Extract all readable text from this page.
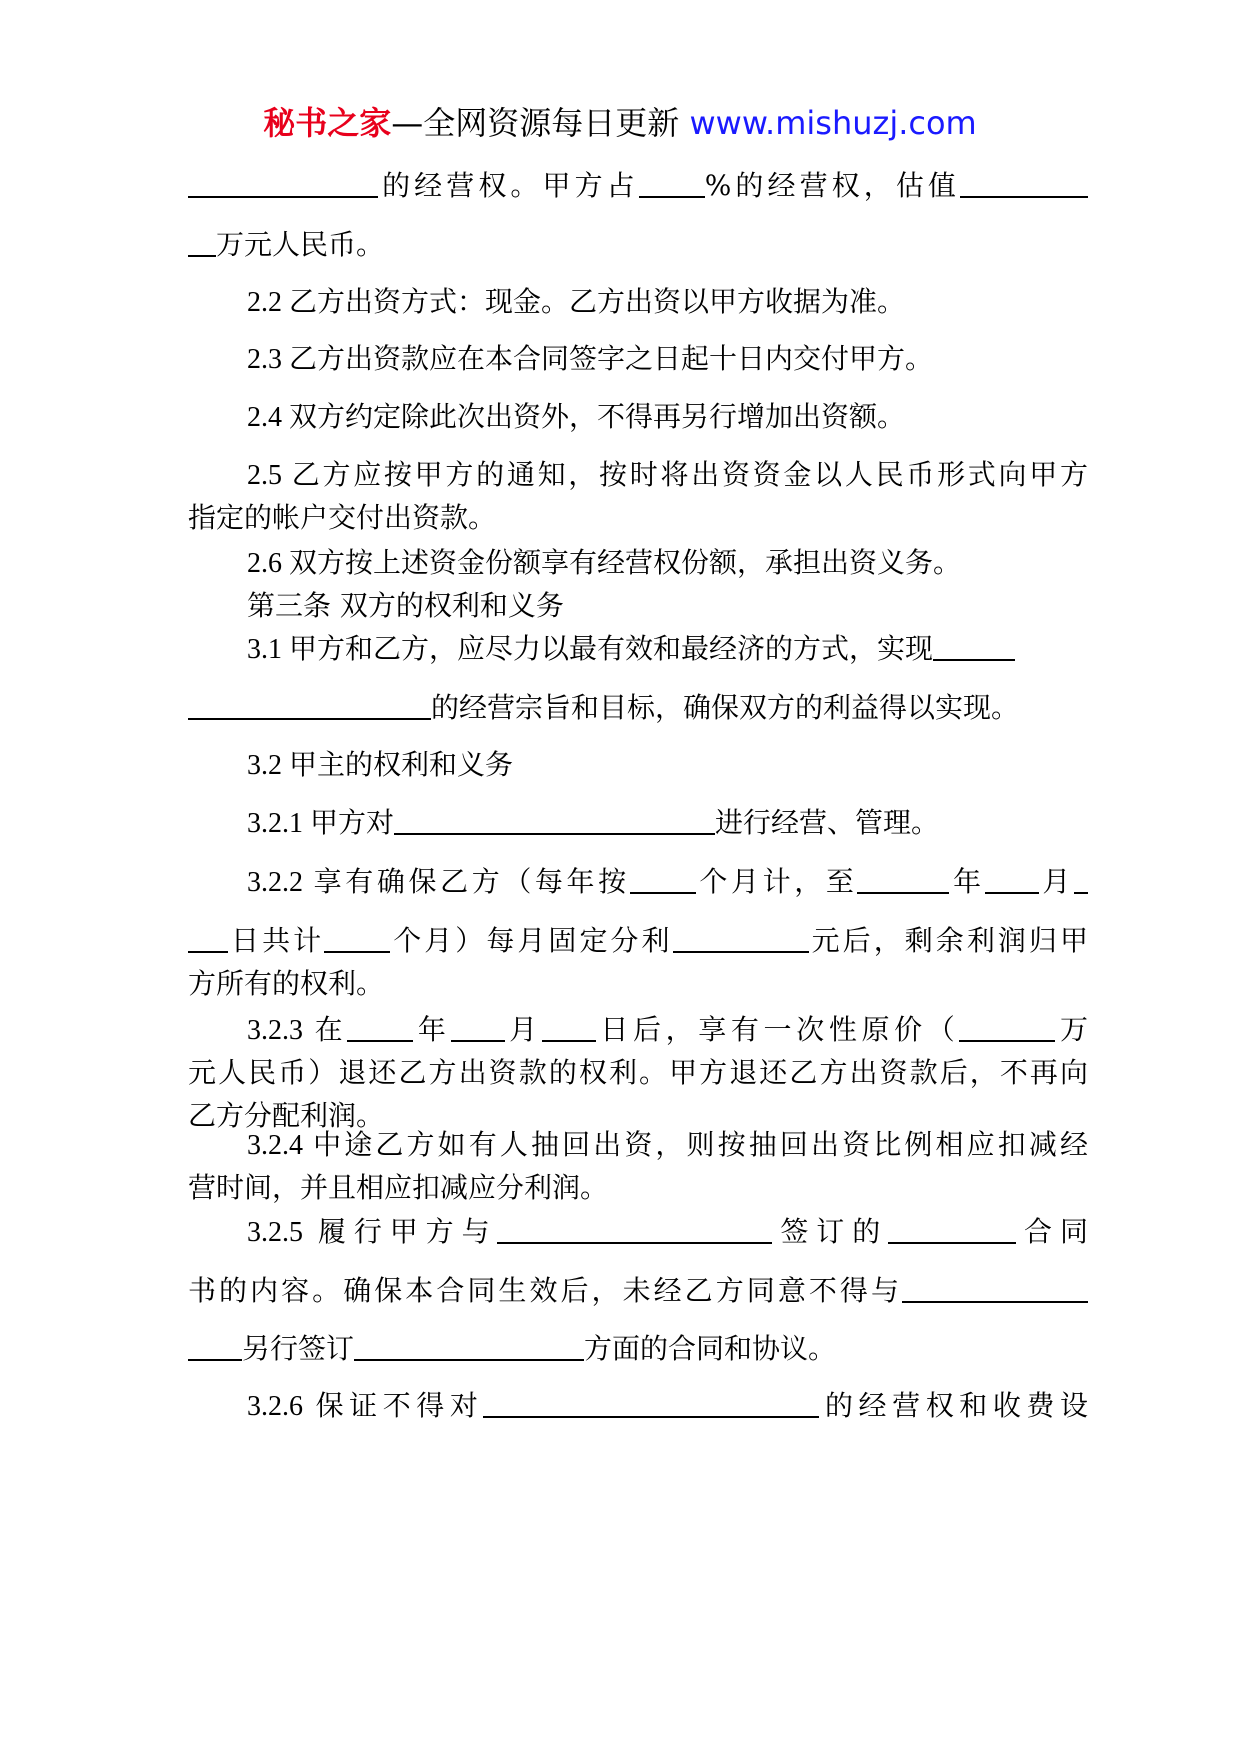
秘书之家—全网资源每日更新 www.mishuzj.com
的经营权。甲方占 %的经营权，估值
万元人民币。
2.2 乙方出资方式：现金。乙方出资以甲方收据为准。
2.3 乙方出资款应在本合同签字之日起十日内交付甲方。
2.4 双方约定除此次出资外，不得再另行增加出资额。
2.5 乙方应按甲方的通知，按时将出资资金以人民币形式向甲方
指定的帐户交付出资款。
2.6 双方按上述资金份额享有经营权份额，承担出资义务。
第三条 双方的权利和义务
3.1 甲方和乙方，应尽力以最有效和最经济的方式，实现
的经营宗旨和目标，确保双方的利益得以实现。
3.2 甲主的权利和义务
3.2.1 甲方对	进行经营、管理。
3.2.2 享有确保乙方（每年按 个月计，至	年 月
日共计 个月）每月固定分利	元后，剩余利润归甲
方所有的权利。
3.2.3 在 年 月 日后，享有一次性原价（	万
元人民币）退还乙方出资款的权利。甲方退还乙方出资款后，不再向
乙方分配利润。
3.2.4 中途乙方如有人抽回出资，则按抽回出资比例相应扣减经
营时间，并且相应扣减应分利润。
3.2.5 履行甲方与	签订的	合同
书的内容。确保本合同生效后，未经乙方同意不得与
另行签订	方面的合同和协议。
3.2.6 保证不得对	的经营权和收费设
